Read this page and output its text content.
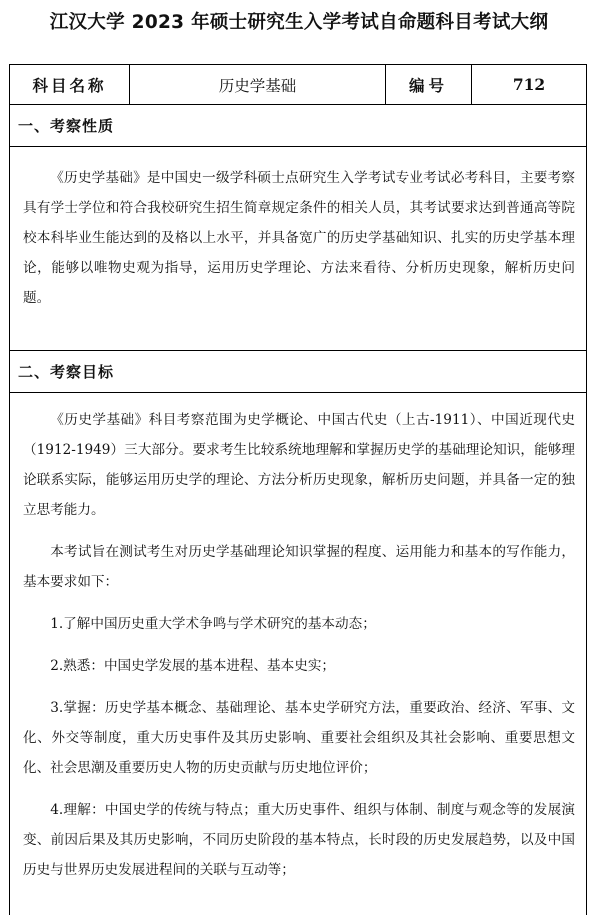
江汉大学 2023 年硕士研究生入学考试自命题科目考试大纲
科目名称	历史学基础	编号	712
一、考察性质

《历史学基础》是中国史一级学科硕士点研究生入学考试专业考试必考科目，主要考察具有学士学位和符合我校研究生招生简章规定条件的相关人员，其考试要求达到普通高等院校本科毕业生能达到的及格以上水平，并具备宽广的历史学基础知识、扎实的历史学基本理论，能够以唯物史观为指导，运用历史学理论、方法来看待、分析历史现象，解析历史问题。

二、考察目标

《历史学基础》科目考察范围为史学概论、中国古代史（上古-1911）、中国近现代史（1912-1949）三大部分。要求考生比较系统地理解和掌握历史学的基础理论知识，能够理论联系实际，能够运用历史学的理论、方法分析历史现象，解析历史问题，并具备一定的独立思考能力。

本考试旨在测试考生对历史学基础理论知识掌握的程度、运用能力和基本的写作能力，基本要求如下：

1.了解中国历史重大学术争鸣与学术研究的基本动态；

2.熟悉：中国史学发展的基本进程、基本史实；

3.掌握：历史学基本概念、基础理论、基本史学研究方法，重要政治、经济、军事、文化、外交等制度，重大历史事件及其历史影响、重要社会组织及其社会影响、重要思想文化、社会思潮及重要历史人物的历史贡献与历史地位评价；

4.理解：中国史学的传统与特点；重大历史事件、组织与体制、制度与观念等的发展演变、前因后果及其历史影响，不同历史阶段的基本特点，长时段的历史发展趋势，以及中国历史与世界历史发展进程间的关联与互动等；
